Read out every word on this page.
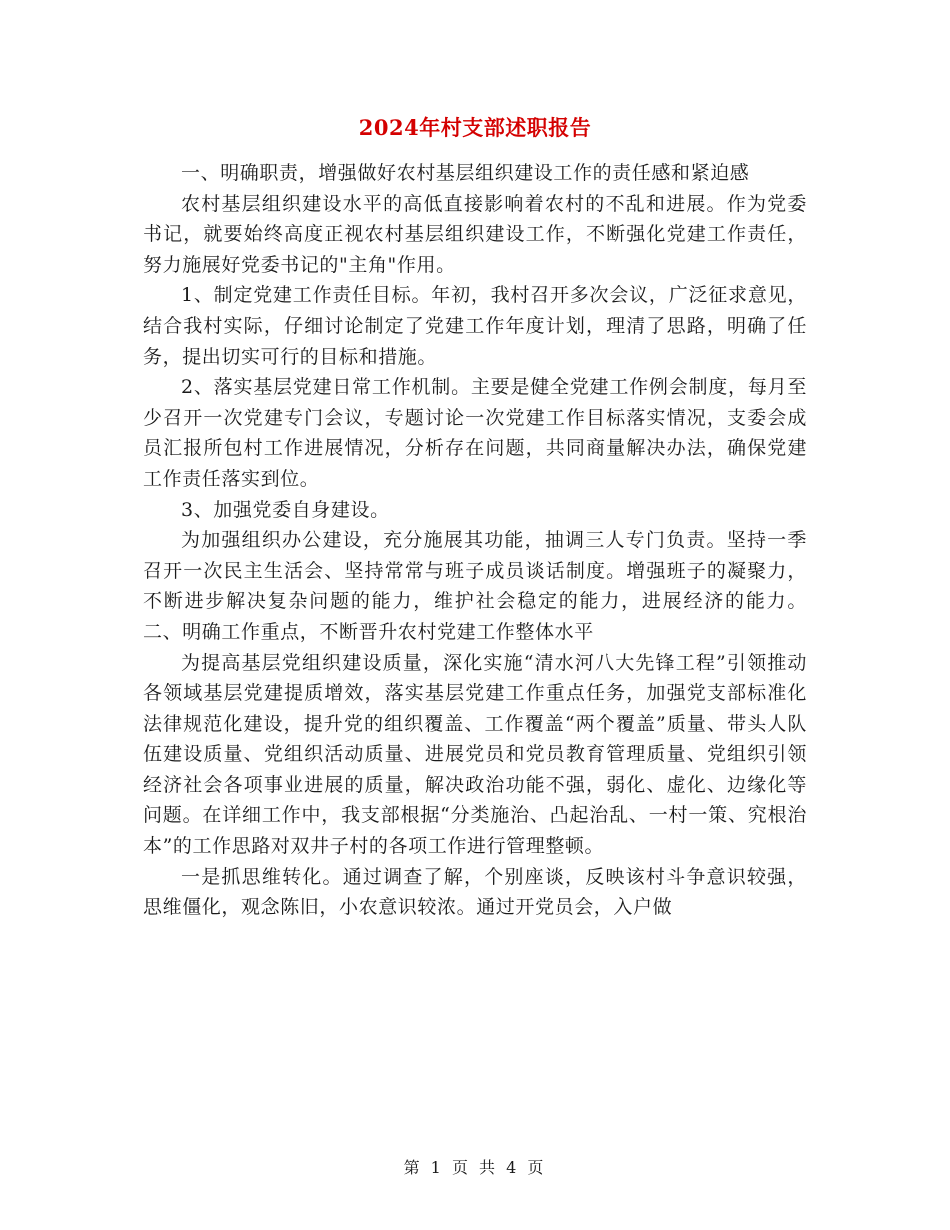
2024年村支部述职报告

一、明确职责，增强做好农村基层组织建设工作的责任感和紧迫感

农村基层组织建设水平的高低直接影响着农村的不乱和进展。作为党委书记，就要始终高度正视农村基层组织建设工作，不断强化党建工作责任，努力施展好党委书记的"主角"作用。

1、制定党建工作责任目标。年初，我村召开多次会议，广泛征求意见，结合我村实际，仔细讨论制定了党建工作年度计划，理清了思路，明确了任务，提出切实可行的目标和措施。

2、落实基层党建日常工作机制。主要是健全党建工作例会制度，每月至少召开一次党建专门会议，专题讨论一次党建工作目标落实情况，支委会成员汇报所包村工作进展情况，分析存在问题，共同商量解决办法，确保党建工作责任落实到位。

3、加强党委自身建设。

为加强组织办公建设，充分施展其功能，抽调三人专门负责。坚持一季召开一次民主生活会、坚持常常与班子成员谈话制度。增强班子的凝聚力，不断进步解决复杂问题的能力，维护社会稳定的能力，进展经济的能力。 二、明确工作重点，不断晋升农村党建工作整体水平

为提高基层党组织建设质量，深化实施“清水河八大先锋工程”引领推动各领域基层党建提质增效，落实基层党建工作重点任务，加强党支部标准化法律规范化建设，提升党的组织覆盖、工作覆盖“两个覆盖”质量、带头人队伍建设质量、党组织活动质量、进展党员和党员教育管理质量、党组织引领经济社会各项事业进展的质量，解决政治功能不强，弱化、虚化、边缘化等问题。在详细工作中，我支部根据“分类施治、凸起治乱、一村一策、究根治本”的工作思路对双井子村的各项工作进行管理整顿。

一是抓思维转化。通过调查了解，个别座谈，反映该村斗争意识较强，思维僵化，观念陈旧，小农意识较浓。通过开党员会，入户做

第 1 页 共 4 页
